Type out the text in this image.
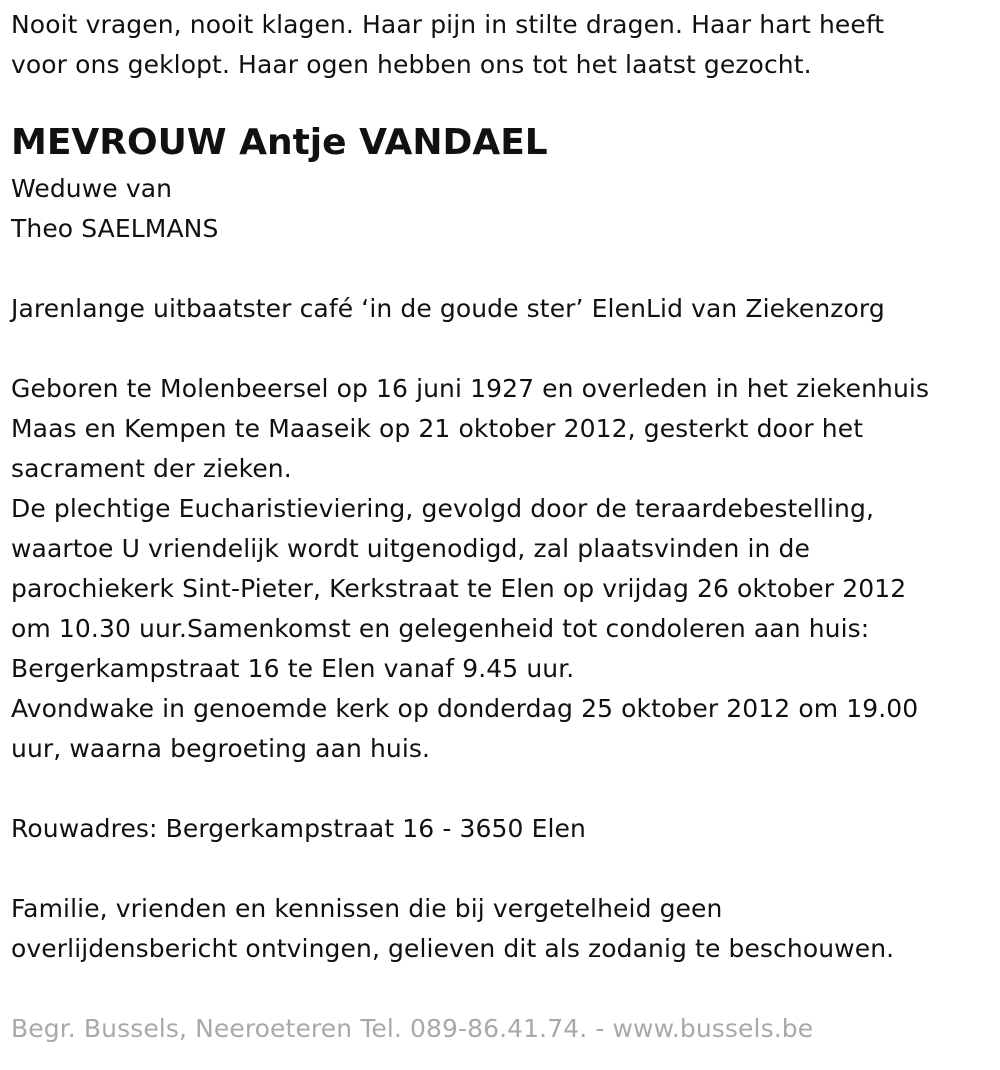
Nooit vragen, nooit klagen. Haar pijn in stilte dragen. Haar hart heeft
voor ons geklopt. Haar ogen hebben ons tot het laatst gezocht.
MEVROUW Antje VANDAEL
Weduwe van
Theo SAELMANS
Jarenlange uitbaatster café ‘in de goude ster’ ElenLid van Ziekenzorg
Geboren te Molenbeersel op 16 juni 1927 en overleden in het ziekenhuis
Maas en Kempen te Maaseik op 21 oktober 2012, gesterkt door het
sacrament der zieken.
De plechtige Eucharistieviering, gevolgd door de teraardebestelling,
waartoe U vriendelijk wordt uitgenodigd, zal plaatsvinden in de
parochiekerk Sint-Pieter, Kerkstraat te Elen op vrijdag 26 oktober 2012
om 10.30 uur.Samenkomst en gelegenheid tot condoleren aan huis:
Bergerkampstraat 16 te Elen vanaf 9.45 uur.
Avondwake in genoemde kerk op donderdag 25 oktober 2012 om 19.00
uur, waarna begroeting aan huis.
Rouwadres: Bergerkampstraat 16 - 3650 Elen
Familie, vrienden en kennissen die bij vergetelheid geen
overlijdensbericht ontvingen, gelieven dit als zodanig te beschouwen.
Begr. Bussels, Neeroeteren Tel. 089-86.41.74. - www.bussels.be
